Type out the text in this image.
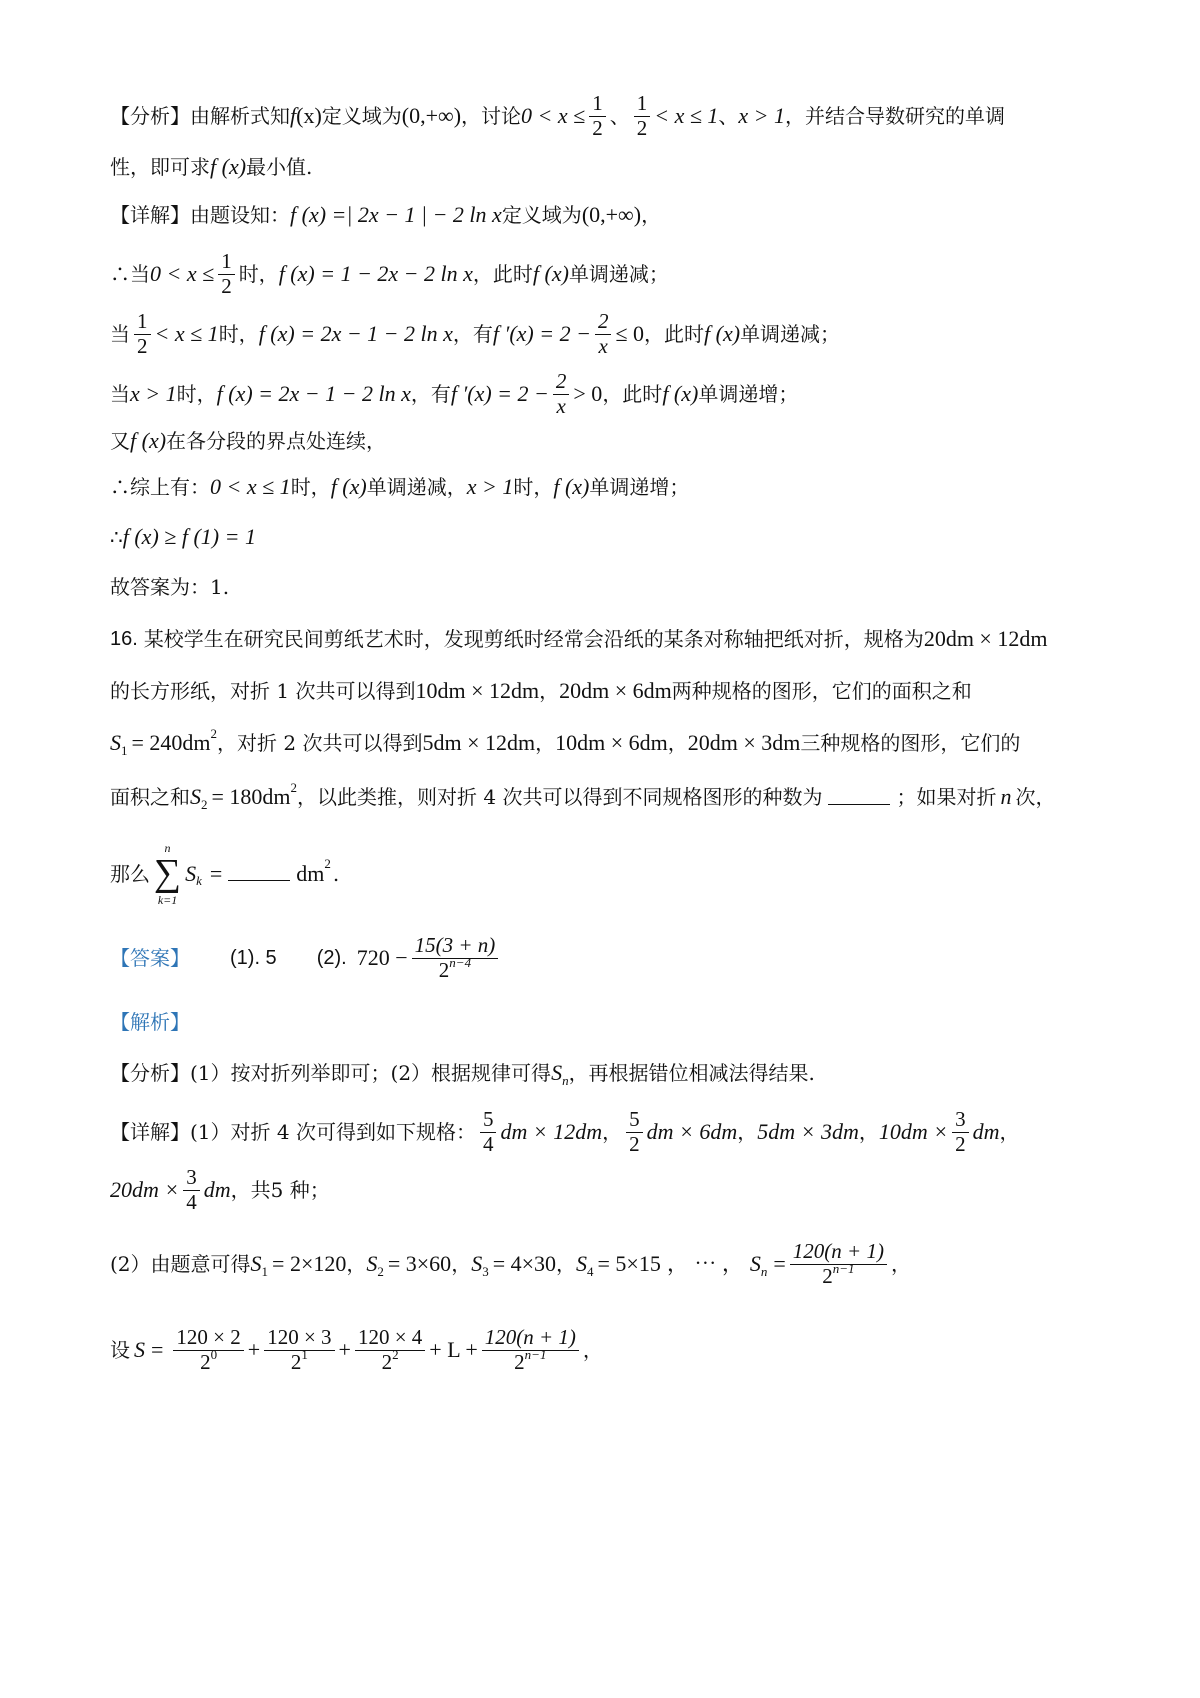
【分析】由解析式知 f (x) 定义域为 (0,+∞) ，讨论 $0 < x \le \frac{1}{2}$ 、 $\frac{1}{2} < x \le 1$ 、 x > 1 ，并结合导数研究的单调
性，即可求 f (x) 最小值.
【详解】由题设知： f (x) =| 2x − 1 | − 2 ln x 定义域为 (0,+∞) ，
∴当 $0 < x \le \frac{1}{2}$ 时， f (x) = 1 − 2x − 2 ln x ，此时 f (x) 单调递减；
当 $\frac{1}{2} < x \le 1$ 时， f (x) = 2x − 1 − 2 ln x ，有 f $'(x) = 2 - \frac{2}{x} \le 0$ ，此时 f (x) 单调递减；
当 x > 1 时， f (x) = 2x − 1 − 2 ln x ，有 f $'(x) = 2 - \frac{2}{x} > 0$ ，此时 f (x) 单调递增；
又 f (x) 在各分段的界点处连续，
∴综上有： 0 < x ≤ 1 时， f (x) 单调递减， x > 1 时， f (x) 单调递增；
∴ f (x) ≥ f (1) = 1
故答案为：1.
16. 某校学生在研究民间剪纸艺术时，发现剪纸时经常会沿纸的某条对称轴把纸对折，规格为 20dm × 12dm
的长方形纸，对折 1 次共可以得到 10dm × 12dm ， 20dm × 6dm 两种规格的图形，它们的面积之和
S 1 = 240dm 2 ，对折 2 次共可以得到 5dm × 12dm ， 10dm × 6dm ， 20dm × 3dm 三种规格的图形，它们的
面积之和 S 2 = 180dm 2 ，以此类推，则对折 4 次共可以得到不同规格图形的种数为	；如果对折 n 次，
那么
n
∑
k=1
S k =	dm 2 .
【答案】 (1). 5 (2). $720 - \frac{15(3 + n)}{2^{n-4}}$
【解析】
【分析】(1）按对折列举即可；(2）根据规律可得 S n ，再根据错位相减法得结果.
【详解】(1）对折 4 次可得到如下规格： $\frac{5}{4}$ dm × 12dm ， $\frac{5}{2}$ dm × 6dm ， 5dm × 3dm ， $10dm \times \frac{3}{2}$ dm ，
$20dm \times \frac{3}{4}$ dm ，共5 种；
(2）由题意可得 S 1 = 2×120 ， S 2 = 3×60 ， S 3 = 4×30 ， S 4 = 5×15 ， ⋯ ， S $n = \frac{120(n + 1)}{2^{n-1}}$ ，
设 $S = \frac{120 \times 2}{2^0} + \frac{120 \times 3}{2^1} + \frac{120 \times 4}{2^2} + L + \frac{120(n + 1)}{2^{n-1}}$ ，
